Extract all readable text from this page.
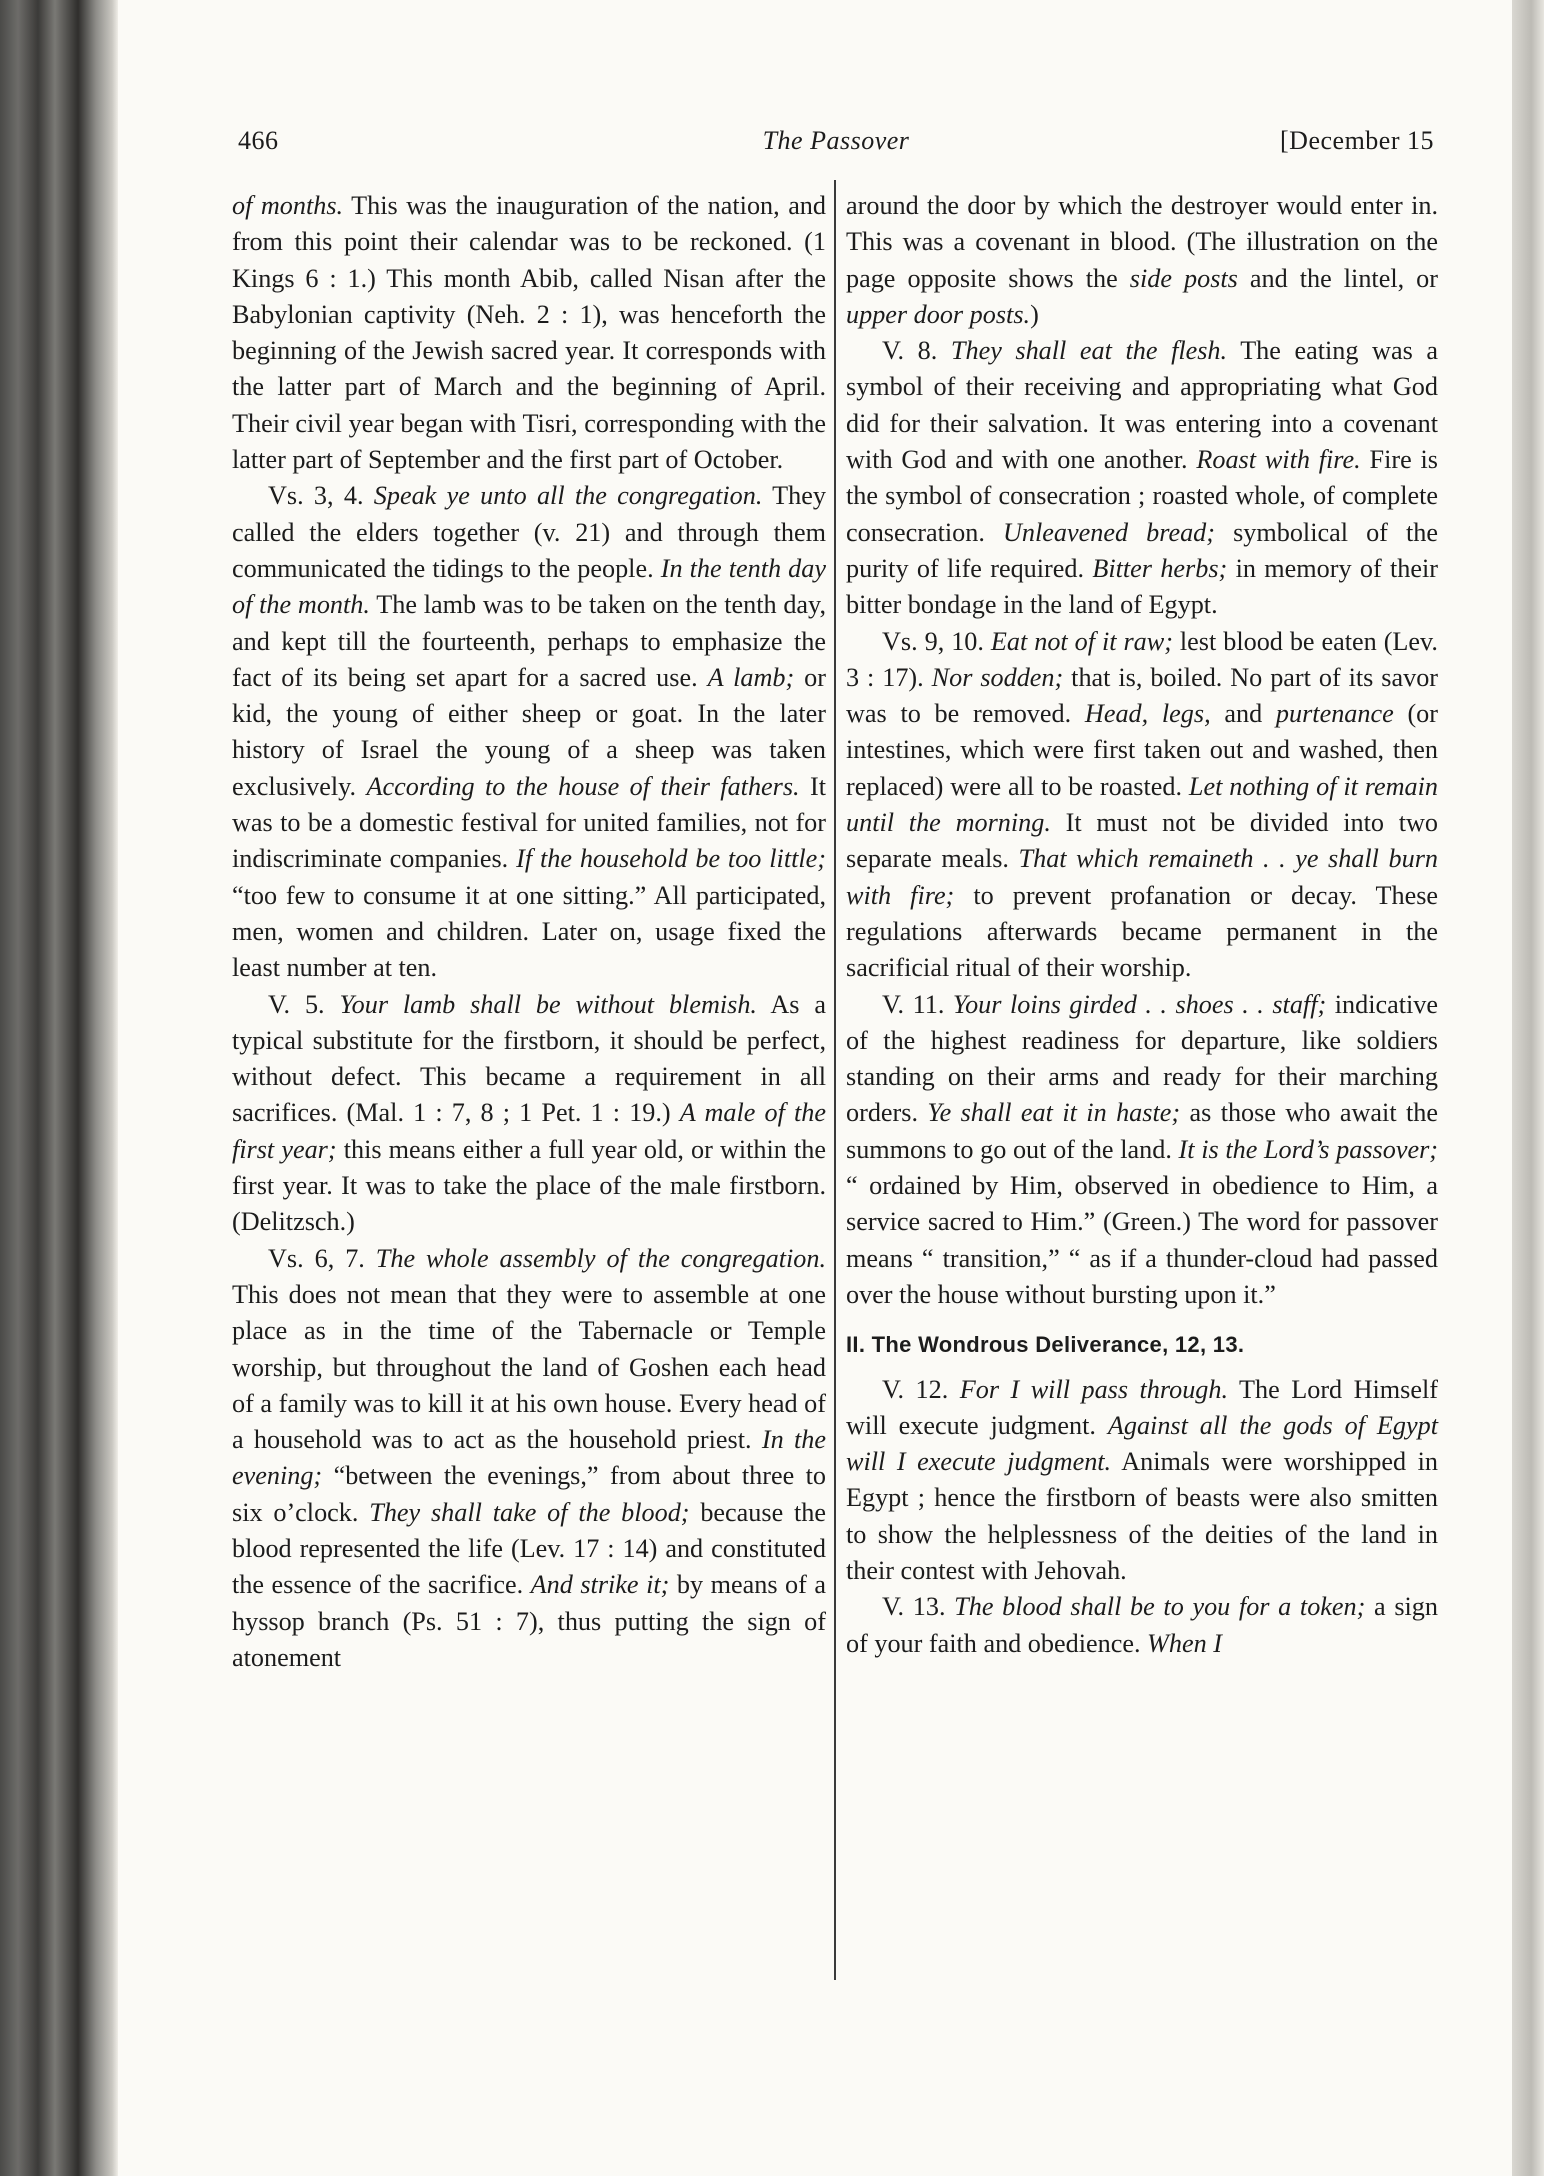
466	The Passover	[December 15

of months. This was the inauguration of the nation, and from this point their calendar was to be reckoned. (1 Kings 6 : 1.) This month Abib, called Nisan after the Babylonian captivity (Neh. 2 : 1), was henceforth the beginning of the Jewish sacred year. It corresponds with the latter part of March and the beginning of April. Their civil year began with Tisri, corresponding with the latter part of September and the first part of October.

Vs. 3, 4. Speak ye unto all the congregation. They called the elders together (v. 21) and through them communicated the tidings to the people. In the tenth day of the month. The lamb was to be taken on the tenth day, and kept till the fourteenth, perhaps to emphasize the fact of its being set apart for a sacred use. A lamb; or kid, the young of either sheep or goat. In the later history of Israel the young of a sheep was taken exclusively. According to the house of their fathers. It was to be a domestic festival for united families, not for indiscriminate companies. If the household be too little; “too few to consume it at one sitting.” All participated, men, women and children. Later on, usage fixed the least number at ten.

V. 5. Your lamb shall be without blemish. As a typical substitute for the firstborn, it should be perfect, without defect. This became a requirement in all sacrifices. (Mal. 1 : 7, 8 ; 1 Pet. 1 : 19.) A male of the first year; this means either a full year old, or within the first year. It was to take the place of the male firstborn. (Delitzsch.)

Vs. 6, 7. The whole assembly of the congregation. This does not mean that they were to assemble at one place as in the time of the Tabernacle or Temple worship, but throughout the land of Goshen each head of a family was to kill it at his own house. Every head of a household was to act as the household priest. In the evening; “between the evenings,” from about three to six o’clock. They shall take of the blood; because the blood represented the life (Lev. 17 : 14) and constituted the essence of the sacrifice. And strike it; by means of a hyssop branch (Ps. 51 : 7), thus putting the sign of atonement

around the door by which the destroyer would enter in. This was a covenant in blood. (The illustration on the page opposite shows the side posts and the lintel, or upper door posts.)

V. 8. They shall eat the flesh. The eating was a symbol of their receiving and appropriating what God did for their salvation. It was entering into a covenant with God and with one another. Roast with fire. Fire is the symbol of consecration ; roasted whole, of complete consecration. Unleavened bread; symbolical of the purity of life required. Bitter herbs; in memory of their bitter bondage in the land of Egypt.

Vs. 9, 10. Eat not of it raw; lest blood be eaten (Lev. 3 : 17). Nor sodden; that is, boiled. No part of its savor was to be removed. Head, legs, and purtenance (or intestines, which were first taken out and washed, then replaced) were all to be roasted. Let nothing of it remain until the morning. It must not be divided into two separate meals. That which remaineth . . ye shall burn with fire; to prevent profanation or decay. These regulations afterwards became permanent in the sacrificial ritual of their worship.

V. 11. Your loins girded . . shoes . . staff; indicative of the highest readiness for departure, like soldiers standing on their arms and ready for their marching orders. Ye shall eat it in haste; as those who await the summons to go out of the land. It is the Lord’s passover; “ ordained by Him, observed in obedience to Him, a service sacred to Him.” (Green.) The word for passover means “ transition,” “ as if a thunder-cloud had passed over the house without bursting upon it.”

II. The Wondrous Deliverance, 12, 13.

V. 12. For I will pass through. The Lord Himself will execute judgment. Against all the gods of Egypt will I execute judgment. Animals were worshipped in Egypt ; hence the firstborn of beasts were also smitten to show the helplessness of the deities of the land in their contest with Jehovah.

V. 13. The blood shall be to you for a token; a sign of your faith and obedience. When I
